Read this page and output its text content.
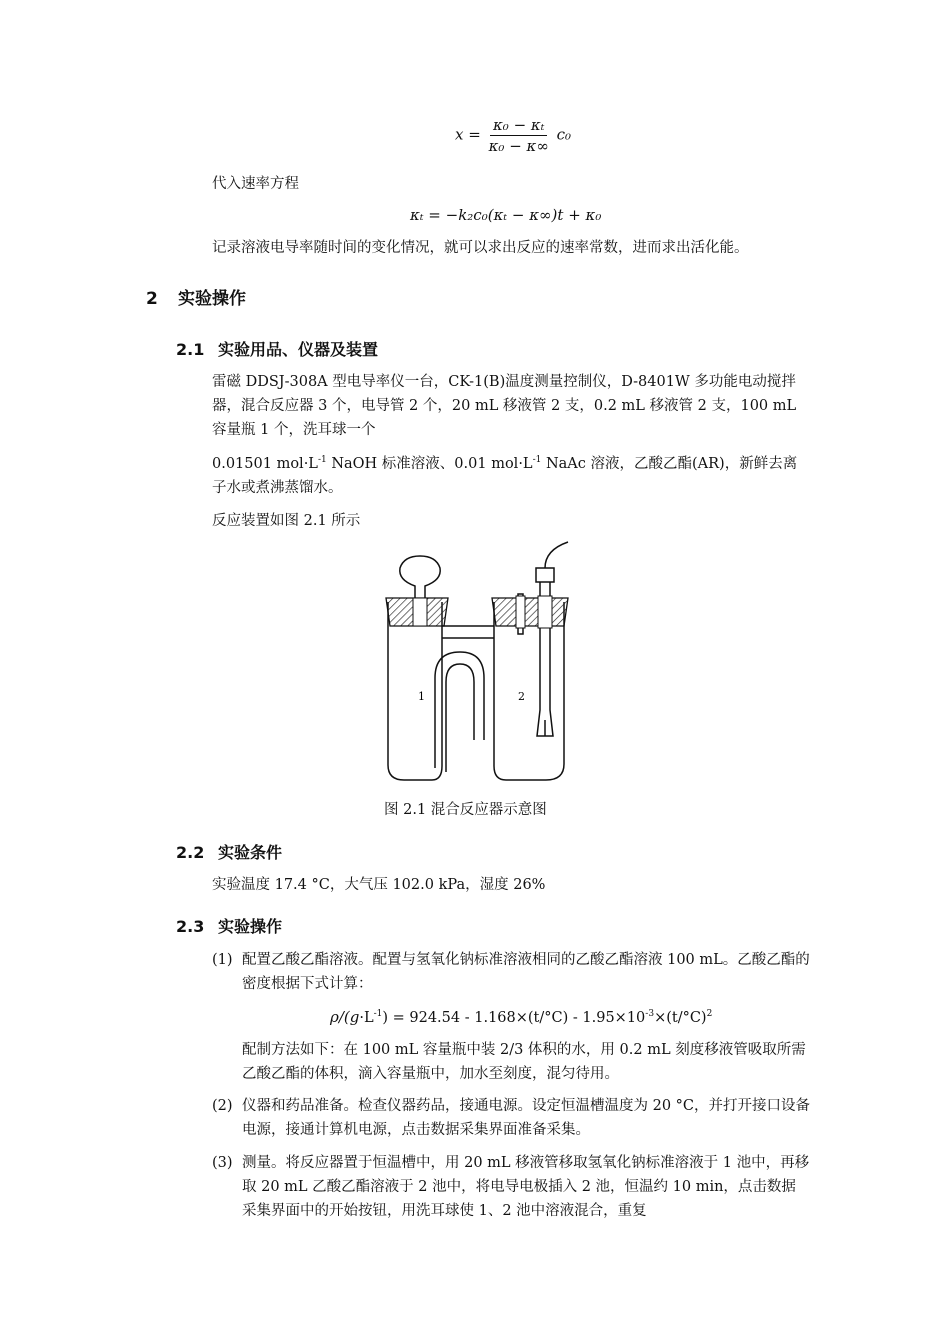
$x = \frac{\text{κ₀ − κₜ}}{\text{κ₀ − κ∞}} c_0$
代入速率方程
κₜ = −k₂c₀(κₜ − κ∞)t + κ₀
记录溶液电导率随时间的变化情况，就可以求出反应的速率常数，进而求出活化能。
2 实验操作
2.1 实验用品、仪器及装置
雷磁 DDSJ-308A 型电导率仪一台，CK-1(B)温度测量控制仪，D-8401W 多功能电动搅拌器，混合反应器 3 个，电导管 2 个，20 mL 移液管 2 支，0.2 mL 移液管 2 支，100 mL 容量瓶 1 个，洗耳球一个
0.01501 $mol\cdot L^{-1}$ NaOH 标准溶液、0.01 $mol\cdot L^{-1}$ NaAc 溶液，乙酸乙酯(AR)，新鲜去离子水或煮沸蒸馏水。
反应装置如图 2.1 所示
1	2
图 2.1 混合反应器示意图
2.2 实验条件
实验温度 17.4 °C，大气压 102.0 kPa，湿度 26%
2.3 实验操作
(1) 配置乙酸乙酯溶液。配置与氢氧化钠标准溶液相同的乙酸乙酯溶液 100 mL。乙酸乙酯的密度根据下式计算：
$\rho/(g\cdot L^{-1}) = 924.54 - 1.168\times(t/^\circ C) - 1.95\times 10^{-3}\times(t/^\circ C)^2$
配制方法如下：在 100 mL 容量瓶中装 2/3 体积的水，用 0.2 mL 刻度移液管吸取所需乙酸乙酯的体积，滴入容量瓶中，加水至刻度，混匀待用。
(2) 仪器和药品准备。检查仪器药品，接通电源。设定恒温槽温度为 20 °C，并打开接口设备电源，接通计算机电源，点击数据采集界面准备采集。
(3) 测量。将反应器置于恒温槽中，用 20 mL 移液管移取氢氧化钠标准溶液于 1 池中，再移取 20 mL 乙酸乙酯溶液于 2 池中，将电导电极插入 2 池，恒温约 10 min，点击数据采集界面中的开始按钮，用洗耳球使 1、2 池中溶液混合，重复
